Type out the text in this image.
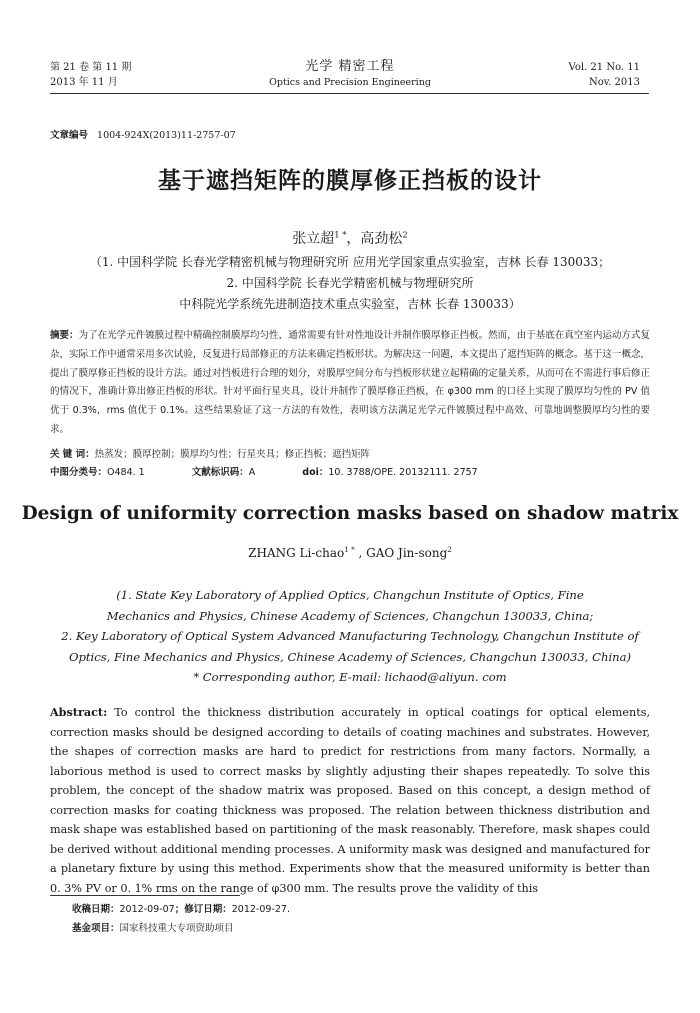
第 21 卷 第 11 期
2013 年 11 月
光学 精密工程
Optics and Precision Engineering
Vol. 21 No. 11
Nov. 2013
文章编号 1004-924X(2013)11-2757-07
基于遮挡矩阵的膜厚修正挡板的设计
张立超$^{1 *}$，高劲松$^2$
（1. 中国科学院 长春光学精密机械与物理研究所 应用光学国家重点实验室，吉林 长春 130033；
2. 中国科学院 长春光学精密机械与物理研究所
中科院光学系统先进制造技术重点实验室，吉林 长春 130033）
摘要：为了在光学元件镀膜过程中精确控制膜厚均匀性，通常需要有针对性地设计并制作膜厚修正挡板。然而，由于基底在真空室内运动方式复杂，实际工作中通常采用多次试验，反复进行局部修正的方法来确定挡板形状。为解决这一问题，本文提出了遮挡矩阵的概念。基于这一概念，提出了膜厚修正挡板的设计方法。通过对挡板进行合理的划分，对膜厚空间分布与挡板形状建立起精确的定量关系，从而可在不需进行事后修正的情况下，准确计算出修正挡板的形状。针对平面行星夹具，设计并制作了膜厚修正挡板，在 φ300 mm 的口径上实现了膜厚均匀性的 PV 值优于 0.3%，rms 值优于 0.1%。这些结果验证了这一方法的有效性，表明该方法满足光学元件镀膜过程中高效、可靠地调整膜厚均匀性的要求。
关 键 词：热蒸发；膜厚控制；膜厚均匀性；行星夹具；修正挡板；遮挡矩阵
中图分类号：O484. 1	文献标识码：A	doi：10. 3788/OPE. 20132111. 2757
Design of uniformity correction masks based on shadow matrix
ZHANG Li-chao$^{1 *}$ , GAO Jin-song$^2$
(1. State Key Laboratory of Applied Optics, Changchun Institute of Optics, Fine
Mechanics and Physics, Chinese Academy of Sciences, Changchun 130033, China;
2. Key Laboratory of Optical System Advanced Manufacturing Technology, Changchun Institute of
Optics, Fine Mechanics and Physics, Chinese Academy of Sciences, Changchun 130033, China)
* Corresponding author, E-mail: lichaod@aliyun. com
Abstract: To control the thickness distribution accurately in optical coatings for optical elements, correction masks should be designed according to details of coating machines and substrates. However, the shapes of correction masks are hard to predict for restrictions from many factors. Normally, a laborious method is used to correct masks by slightly adjusting their shapes repeatedly. To solve this problem, the concept of the shadow matrix was proposed. Based on this concept, a design method of correction masks for coating thickness was proposed. The relation between thickness distribution and mask shape was established based on partitioning of the mask reasonably. Therefore, mask shapes could be derived without additional mending processes. A uniformity mask was designed and manufactured for a planetary fixture by using this method. Experiments show that the measured uniformity is better than 0. 3% PV or 0. 1% rms on the range of φ300 mm. The results prove the validity of this
收稿日期：2012-09-07；修订日期：2012-09-27.
基金项目：国家科技重大专项资助项目
